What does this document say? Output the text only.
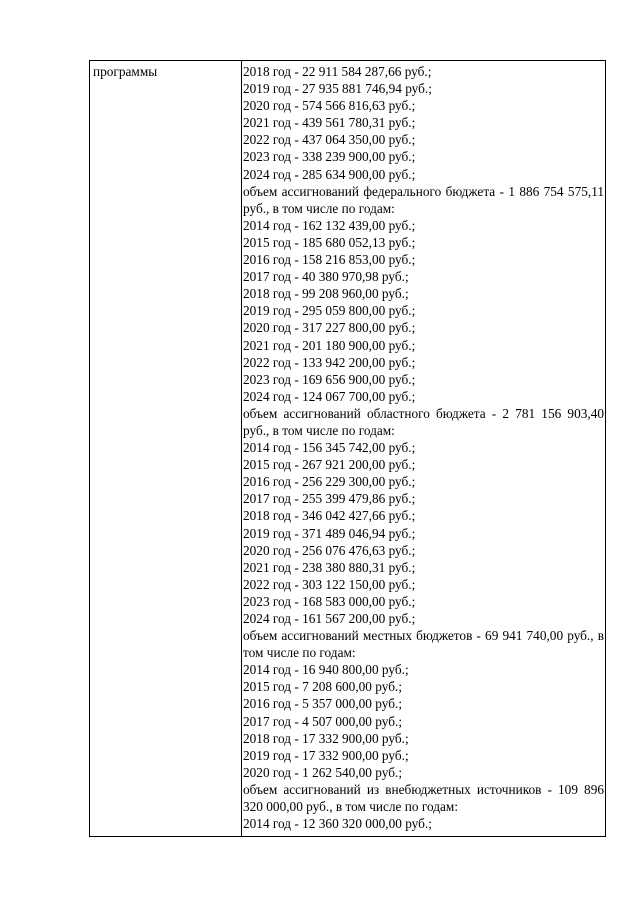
программы	2018 год - 22 911 584 287,66 руб.;
2019 год - 27 935 881 746,94 руб.;
2020 год - 574 566 816,63 руб.;
2021 год - 439 561 780,31 руб.;
2022 год - 437 064 350,00 руб.;
2023 год - 338 239 900,00 руб.;
2024 год - 285 634 900,00 руб.;
объем ассигнований федерального бюджета - 1 886 754 575,11 руб., в том числе по годам:
2014 год - 162 132 439,00 руб.;
2015 год - 185 680 052,13 руб.;
2016 год - 158 216 853,00 руб.;
2017 год - 40 380 970,98 руб.;
2018 год - 99 208 960,00 руб.;
2019 год - 295 059 800,00 руб.;
2020 год - 317 227 800,00 руб.;
2021 год - 201 180 900,00 руб.;
2022 год - 133 942 200,00 руб.;
2023 год - 169 656 900,00 руб.;
2024 год - 124 067 700,00 руб.;
объем ассигнований областного бюджета - 2 781 156 903,40 руб., в том числе по годам:
2014 год - 156 345 742,00 руб.;
2015 год - 267 921 200,00 руб.;
2016 год - 256 229 300,00 руб.;
2017 год - 255 399 479,86 руб.;
2018 год - 346 042 427,66 руб.;
2019 год - 371 489 046,94 руб.;
2020 год - 256 076 476,63 руб.;
2021 год - 238 380 880,31 руб.;
2022 год - 303 122 150,00 руб.;
2023 год - 168 583 000,00 руб.;
2024 год - 161 567 200,00 руб.;
объем ассигнований местных бюджетов - 69 941 740,00 руб., в том числе по годам:
2014 год - 16 940 800,00 руб.;
2015 год - 7 208 600,00 руб.;
2016 год - 5 357 000,00 руб.;
2017 год - 4 507 000,00 руб.;
2018 год - 17 332 900,00 руб.;
2019 год - 17 332 900,00 руб.;
2020 год - 1 262 540,00 руб.;
объем ассигнований из внебюджетных источников - 109 896 320 000,00 руб., в том числе по годам:
2014 год - 12 360 320 000,00 руб.;
